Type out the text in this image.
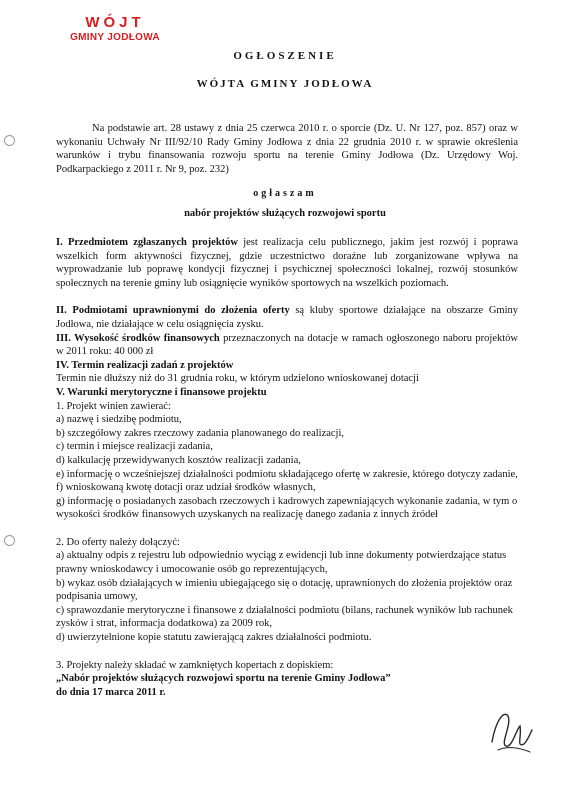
WÓJT
GMINY JODŁOWA
OGŁOSZENIE
WÓJTA GMINY JODŁOWA
Na podstawie art. 28 ustawy z dnia 25 czerwca 2010 r. o sporcie (Dz. U. Nr 127, poz. 857) oraz w wykonaniu Uchwały Nr III/92/10 Rady Gminy Jodłowa z dnia 22 grudnia 2010 r. w sprawie określenia warunków i trybu finansowania rozwoju sportu na terenie Gminy Jodłowa (Dz. Urzędowy Woj. Podkarpackiego z 2011 r. Nr 9, poz. 232)
ogłaszam
nabór projektów służących rozwojowi sportu

I. Przedmiotem zgłaszanych projektów jest realizacja celu publicznego, jakim jest rozwój i poprawa wszelkich form aktywności fizycznej, gdzie uczestnictwo doraźne lub zorganizowane wpływa na wyprowadzanie lub poprawę kondycji fizycznej i psychicznej społeczności lokalnej, rozwój stosunków społecznych na terenie gminy lub osiągnięcie wyników sportowych na wszelkich poziomach.

II. Podmiotami uprawnionymi do złożenia oferty są kluby sportowe działające na obszarze Gminy Jodłowa, nie działające w celu osiągnięcia zysku.

III. Wysokość środków finansowych przeznaczonych na dotacje w ramach ogłoszonego naboru projektów w 2011 roku: 40 000 zł

IV. Termin realizacji zadań z projektów

Termin nie dłuższy niż do 31 grudnia roku, w którym udzielono wnioskowanej dotacji

V. Warunki merytoryczne i finansowe projektu

1. Projekt winien zawierać:

a) nazwę i siedzibę podmiotu,

b) szczegółowy zakres rzeczowy zadania planowanego do realizacji,

c) termin i miejsce realizacji zadania,

d) kalkulację przewidywanych kosztów realizacji zadania,

e) informację o wcześniejszej działalności podmiotu składającego ofertę w zakresie, którego dotyczy zadanie,

f) wnioskowaną kwotę dotacji oraz udział środków własnych,

g) informację o posiadanych zasobach rzeczowych i kadrowych zapewniających wykonanie zadania, w tym o wysokości środków finansowych uzyskanych na realizację danego zadania z innych źródeł

2. Do oferty należy dołączyć:

a) aktualny odpis z rejestru lub odpowiednio wyciąg z ewidencji lub inne dokumenty potwierdzające status prawny wnioskodawcy i umocowanie osób go reprezentujących,

b) wykaz osób działających w imieniu ubiegającego się o dotację, uprawnionych do złożenia projektów oraz podpisania umowy,

c) sprawozdanie merytoryczne i finansowe z działalności podmiotu (bilans, rachunek wyników lub rachunek zysków i strat, informacja dodatkowa) za 2009 rok,

d) uwierzytelnione kopie statutu zawierającą zakres działalności podmiotu.

3. Projekty należy składać w zamkniętych kopertach z dopiskiem:

„Nabór projektów służących rozwojowi sportu na terenie Gminy Jodłowa”

do dnia 17 marca 2011 r.
